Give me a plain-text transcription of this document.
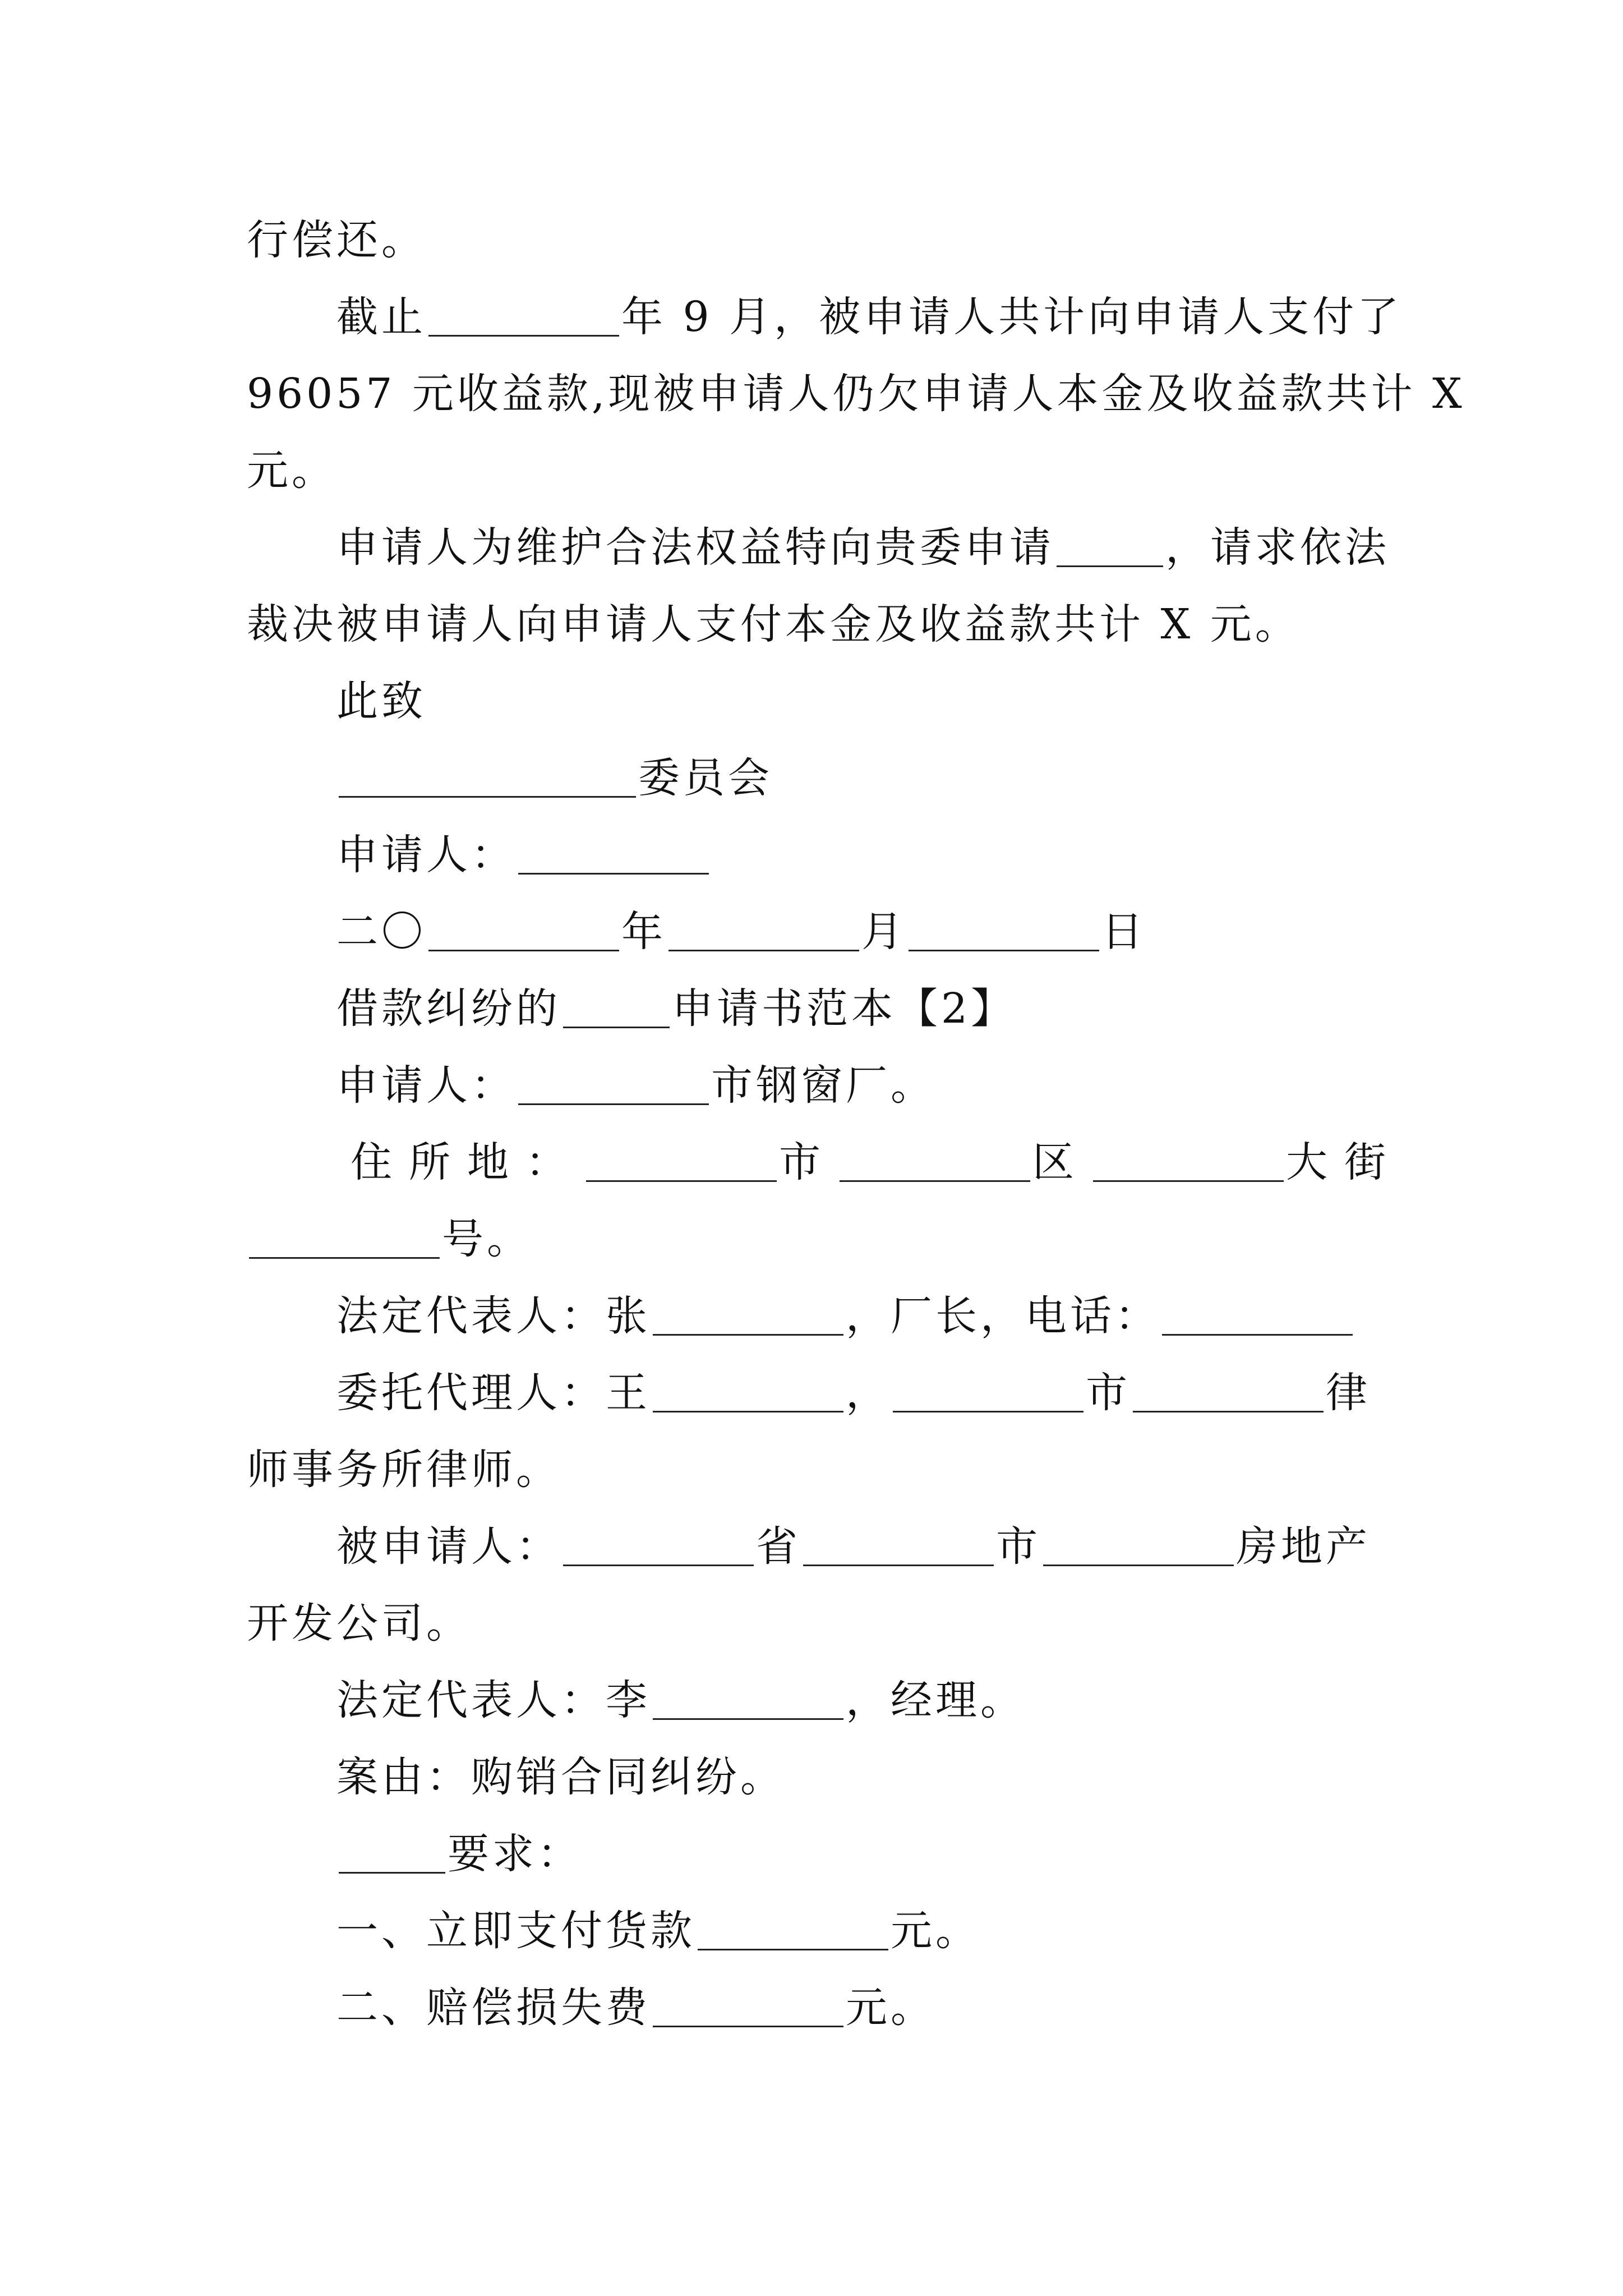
行偿还。
截止	年 9 月，被申请人共计向申请人支付了
96057 元收益款,现被申请人仍欠申请人本金及收益款共计 X
元。
申请人为维护合法权益特向贵委申请	，请求依法
裁决被申请人向申请人支付本金及收益款共计 X 元。
此致
委员会
申请人：
二〇	年	月	日
借款纠纷的	申请书范本【2】
申请人：	市钢窗厂。
住所地：	市	区	大街
号。
法定代表人：张	，厂长，电话：
委托代理人：王	，	市	律
师事务所律师。
被申请人：	省	市	房地产
开发公司。
法定代表人：李	，经理。
案由：购销合同纠纷。
要求：
一、立即支付货款	元。
二、赔偿损失费	元。
